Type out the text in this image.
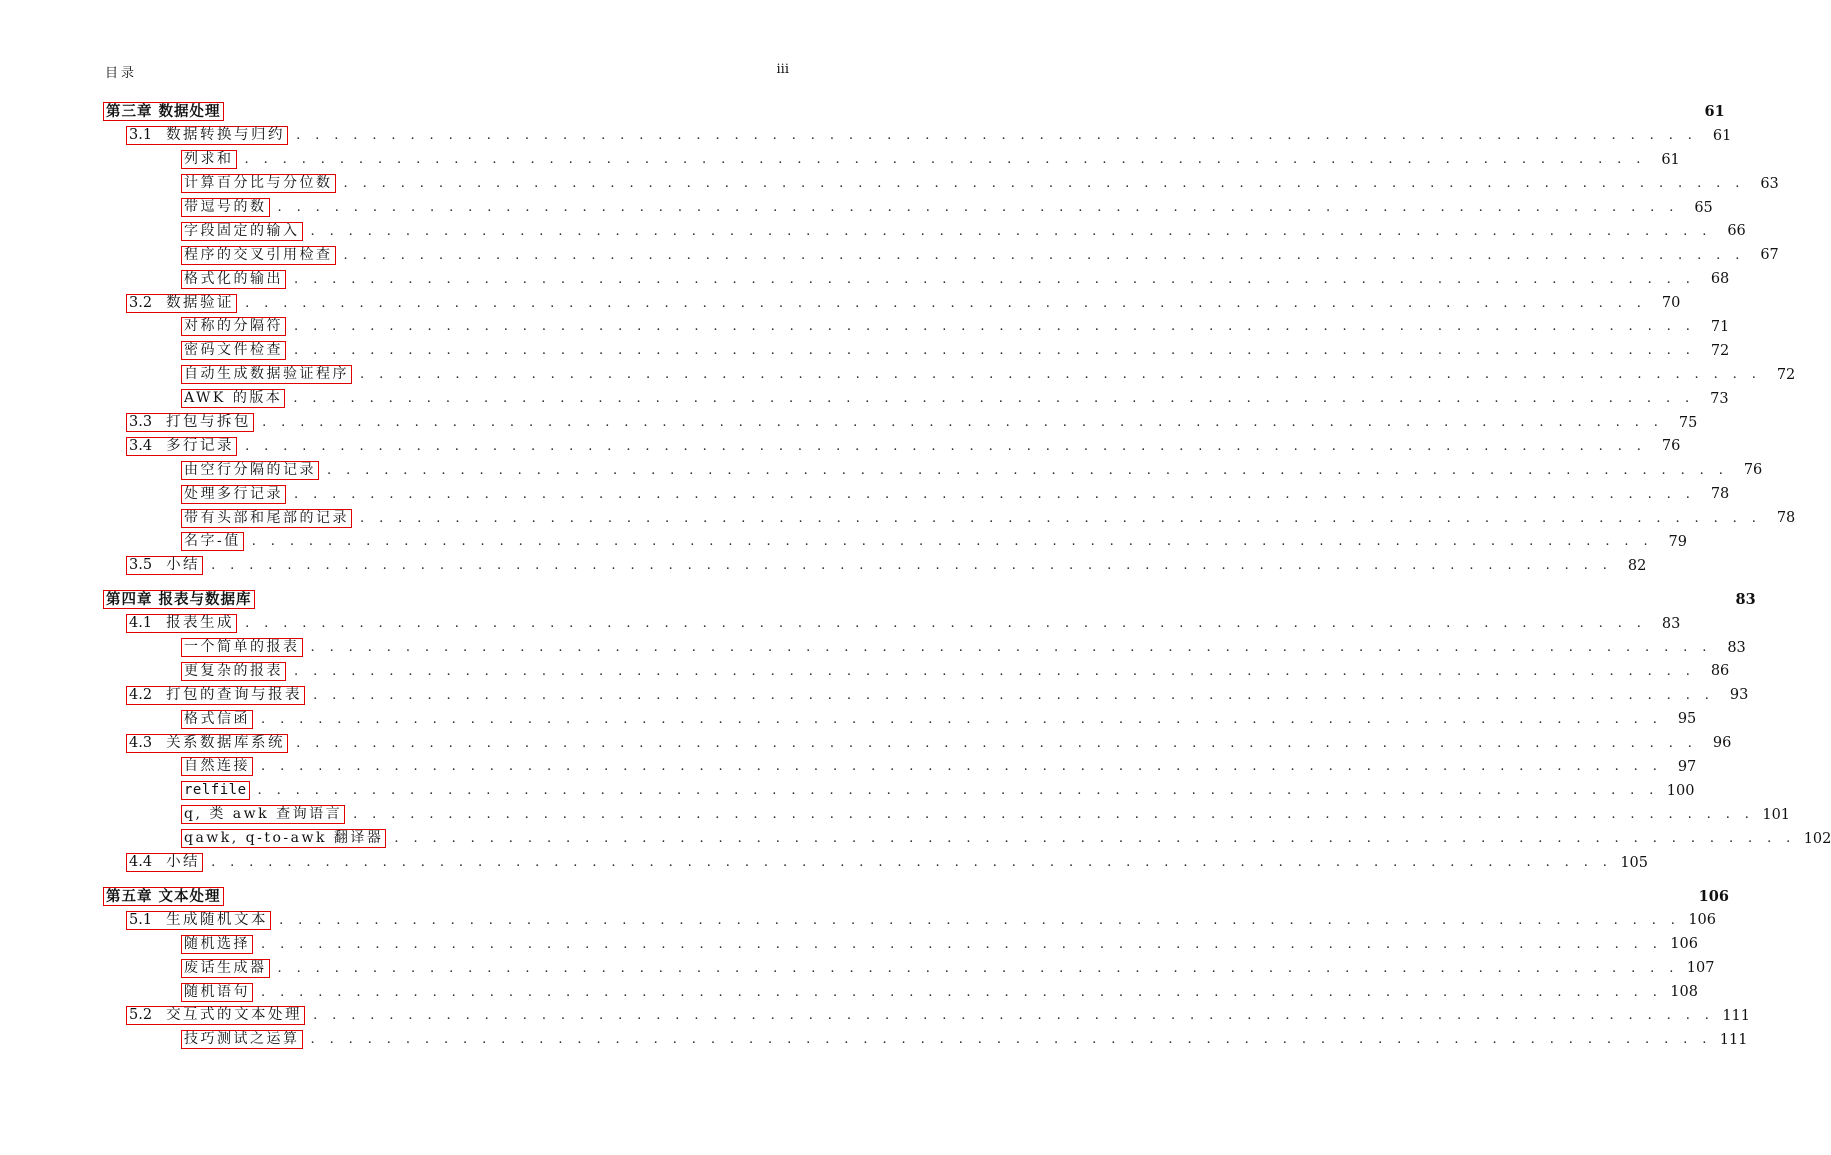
目录	iii
第三章 数据处理	61
3.1 数据转换与归约 . . . . . . . . . . . . . . . . . . . . . . . . . . . . . . . . . . . . . . . . . . . . . . . . . . . . . . . . . . . . . . . . . . . . . . . . . .	61
列求和 . . . . . . . . . . . . . . . . . . . . . . . . . . . . . . . . . . . . . . . . . . . . . . . . . . . . . . . . . . . . . . . . . . . . . . . . . .	61
计算百分比与分位数 . . . . . . . . . . . . . . . . . . . . . . . . . . . . . . . . . . . . . . . . . . . . . . . . . . . . . . . . . . . . . . . . . . . . . . . . . .	63
带逗号的数 . . . . . . . . . . . . . . . . . . . . . . . . . . . . . . . . . . . . . . . . . . . . . . . . . . . . . . . . . . . . . . . . . . . . . . . . . .	65
字段固定的输入 . . . . . . . . . . . . . . . . . . . . . . . . . . . . . . . . . . . . . . . . . . . . . . . . . . . . . . . . . . . . . . . . . . . . . . . . . .	66
程序的交叉引用检查 . . . . . . . . . . . . . . . . . . . . . . . . . . . . . . . . . . . . . . . . . . . . . . . . . . . . . . . . . . . . . . . . . . . . . . . . . .	67
格式化的输出 . . . . . . . . . . . . . . . . . . . . . . . . . . . . . . . . . . . . . . . . . . . . . . . . . . . . . . . . . . . . . . . . . . . . . . . . . .	68
3.2 数据验证 . . . . . . . . . . . . . . . . . . . . . . . . . . . . . . . . . . . . . . . . . . . . . . . . . . . . . . . . . . . . . . . . . . . . . . . . . .	70
对称的分隔符 . . . . . . . . . . . . . . . . . . . . . . . . . . . . . . . . . . . . . . . . . . . . . . . . . . . . . . . . . . . . . . . . . . . . . . . . . .	71
密码文件检查 . . . . . . . . . . . . . . . . . . . . . . . . . . . . . . . . . . . . . . . . . . . . . . . . . . . . . . . . . . . . . . . . . . . . . . . . . .	72
自动生成数据验证程序 . . . . . . . . . . . . . . . . . . . . . . . . . . . . . . . . . . . . . . . . . . . . . . . . . . . . . . . . . . . . . . . . . . . . . . . . . .	72
AWK 的版本 . . . . . . . . . . . . . . . . . . . . . . . . . . . . . . . . . . . . . . . . . . . . . . . . . . . . . . . . . . . . . . . . . . . . . . . . . .	73
3.3 打包与拆包 . . . . . . . . . . . . . . . . . . . . . . . . . . . . . . . . . . . . . . . . . . . . . . . . . . . . . . . . . . . . . . . . . . . . . . . . . .	75
3.4 多行记录 . . . . . . . . . . . . . . . . . . . . . . . . . . . . . . . . . . . . . . . . . . . . . . . . . . . . . . . . . . . . . . . . . . . . . . . . . .	76
由空行分隔的记录 . . . . . . . . . . . . . . . . . . . . . . . . . . . . . . . . . . . . . . . . . . . . . . . . . . . . . . . . . . . . . . . . . . . . . . . . . .	76
处理多行记录 . . . . . . . . . . . . . . . . . . . . . . . . . . . . . . . . . . . . . . . . . . . . . . . . . . . . . . . . . . . . . . . . . . . . . . . . . .	78
带有头部和尾部的记录 . . . . . . . . . . . . . . . . . . . . . . . . . . . . . . . . . . . . . . . . . . . . . . . . . . . . . . . . . . . . . . . . . . . . . . . . . .	78
名字-值 . . . . . . . . . . . . . . . . . . . . . . . . . . . . . . . . . . . . . . . . . . . . . . . . . . . . . . . . . . . . . . . . . . . . . . . . . .	79
3.5 小结 . . . . . . . . . . . . . . . . . . . . . . . . . . . . . . . . . . . . . . . . . . . . . . . . . . . . . . . . . . . . . . . . . . . . . . . . . .	82
第四章 报表与数据库	83
4.1 报表生成 . . . . . . . . . . . . . . . . . . . . . . . . . . . . . . . . . . . . . . . . . . . . . . . . . . . . . . . . . . . . . . . . . . . . . . . . . .	83
一个简单的报表 . . . . . . . . . . . . . . . . . . . . . . . . . . . . . . . . . . . . . . . . . . . . . . . . . . . . . . . . . . . . . . . . . . . . . . . . . .	83
更复杂的报表 . . . . . . . . . . . . . . . . . . . . . . . . . . . . . . . . . . . . . . . . . . . . . . . . . . . . . . . . . . . . . . . . . . . . . . . . . .	86
4.2 打包的查询与报表 . . . . . . . . . . . . . . . . . . . . . . . . . . . . . . . . . . . . . . . . . . . . . . . . . . . . . . . . . . . . . . . . . . . . . . . . . .	93
格式信函 . . . . . . . . . . . . . . . . . . . . . . . . . . . . . . . . . . . . . . . . . . . . . . . . . . . . . . . . . . . . . . . . . . . . . . . . . .	95
4.3 关系数据库系统 . . . . . . . . . . . . . . . . . . . . . . . . . . . . . . . . . . . . . . . . . . . . . . . . . . . . . . . . . . . . . . . . . . . . . . . . . .	96
自然连接 . . . . . . . . . . . . . . . . . . . . . . . . . . . . . . . . . . . . . . . . . . . . . . . . . . . . . . . . . . . . . . . . . . . . . . . . . .	97
relfile . . . . . . . . . . . . . . . . . . . . . . . . . . . . . . . . . . . . . . . . . . . . . . . . . . . . . . . . . . . . . . . . . . . . . . . . . . 100
q, 类 awk 查询语言 . . . . . . . . . . . . . . . . . . . . . . . . . . . . . . . . . . . . . . . . . . . . . . . . . . . . . . . . . . . . . . . . . . . . . . . . . . 101
qawk, q-to-awk 翻译器 . . . . . . . . . . . . . . . . . . . . . . . . . . . . . . . . . . . . . . . . . . . . . . . . . . . . . . . . . . . . . . . . . . . . . . . . . . 102
4.4 小结 . . . . . . . . . . . . . . . . . . . . . . . . . . . . . . . . . . . . . . . . . . . . . . . . . . . . . . . . . . . . . . . . . . . . . . . . . . 105
第五章 文本处理	106
5.1 生成随机文本 . . . . . . . . . . . . . . . . . . . . . . . . . . . . . . . . . . . . . . . . . . . . . . . . . . . . . . . . . . . . . . . . . . . . . . . . . . 106
随机选择 . . . . . . . . . . . . . . . . . . . . . . . . . . . . . . . . . . . . . . . . . . . . . . . . . . . . . . . . . . . . . . . . . . . . . . . . . . 106
废话生成器 . . . . . . . . . . . . . . . . . . . . . . . . . . . . . . . . . . . . . . . . . . . . . . . . . . . . . . . . . . . . . . . . . . . . . . . . . . 107
随机语句 . . . . . . . . . . . . . . . . . . . . . . . . . . . . . . . . . . . . . . . . . . . . . . . . . . . . . . . . . . . . . . . . . . . . . . . . . . 108
5.2 交互式的文本处理 . . . . . . . . . . . . . . . . . . . . . . . . . . . . . . . . . . . . . . . . . . . . . . . . . . . . . . . . . . . . . . . . . . . . . . . . . . 111
技巧测试之运算 . . . . . . . . . . . . . . . . . . . . . . . . . . . . . . . . . . . . . . . . . . . . . . . . . . . . . . . . . . . . . . . . . . . . . . . . . . 111
